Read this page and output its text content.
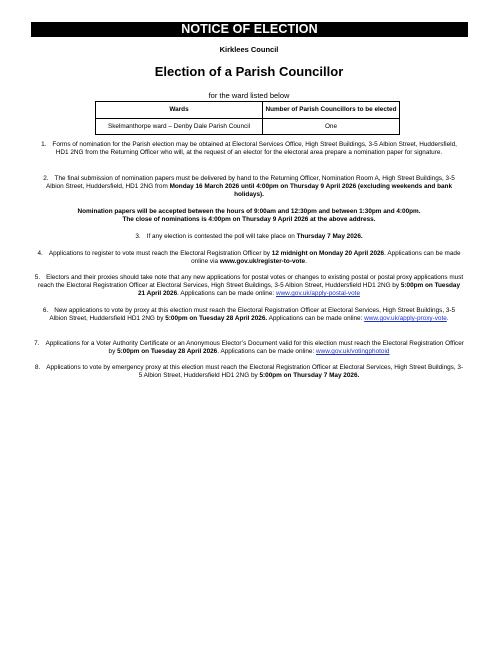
NOTICE OF ELECTION
Kirklees Council
Election of a Parish Councillor
for the ward listed below
Wards	Number of Parish Councillors to be elected
Skelmanthorpe ward – Denby Dale Parish Council	One
1. Forms of nomination for the Parish election may be obtained at Electoral Services Office, High Street Buildings, 3-5 Albion Street, Huddersfield, HD1 2NG from the Returning Officer who will, at the request of an elector for the electoral area prepare a nomination paper for signature.
2. The final submission of nomination papers must be delivered by hand to the Returning Officer, Nomination Room A, High Street Buildings, 3-5 Albion Street, Huddersfield, HD1 2NG from Monday 16 March 2026 until 4:00pm on Thursday 9 April 2026 (excluding weekends and bank holidays).
Nomination papers will be accepted between the hours of 9:00am and 12:30pm and between 1:30pm and 4:00pm.
The close of nominations is 4:00pm on Thursday 9 April 2026 at the above address.
3. If any election is contested the poll will take place on Thursday 7 May 2026.
4. Applications to register to vote must reach the Electoral Registration Officer by 12 midnight on Monday 20 April 2026. Applications can be made online via www.gov.uk/register-to-vote.
5. Electors and their proxies should take note that any new applications for postal votes or changes to existing postal or postal proxy applications must reach the Electoral Registration Officer at Electoral Services, High Street Buildings, 3-5 Albion Street, Huddersfield HD1 2NG by 5:00pm on Tuesday 21 April 2026. Applications can be made online: www.gov.uk/apply-postal-vote
6. New applications to vote by proxy at this election must reach the Electoral Registration Officer at Electoral Services, High Street Buildings, 3-5 Albion Street, Huddersfield HD1 2NG by 5:00pm on Tuesday 28 April 2026. Applications can be made online: www.gov.uk/apply-proxy-vote.
7. Applications for a Voter Authority Certificate or an Anonymous Elector’s Document valid for this election must reach the Electoral Registration Officer by 5:00pm on Tuesday 28 April 2026. Applications can be made online: www.gov.uk/votingphotoid
8. Applications to vote by emergency proxy at this election must reach the Electoral Registration Officer at Electoral Services, High Street Buildings, 3-5 Albion Street, Huddersfield HD1 2NG by 5:00pm on Thursday 7 May 2026.
